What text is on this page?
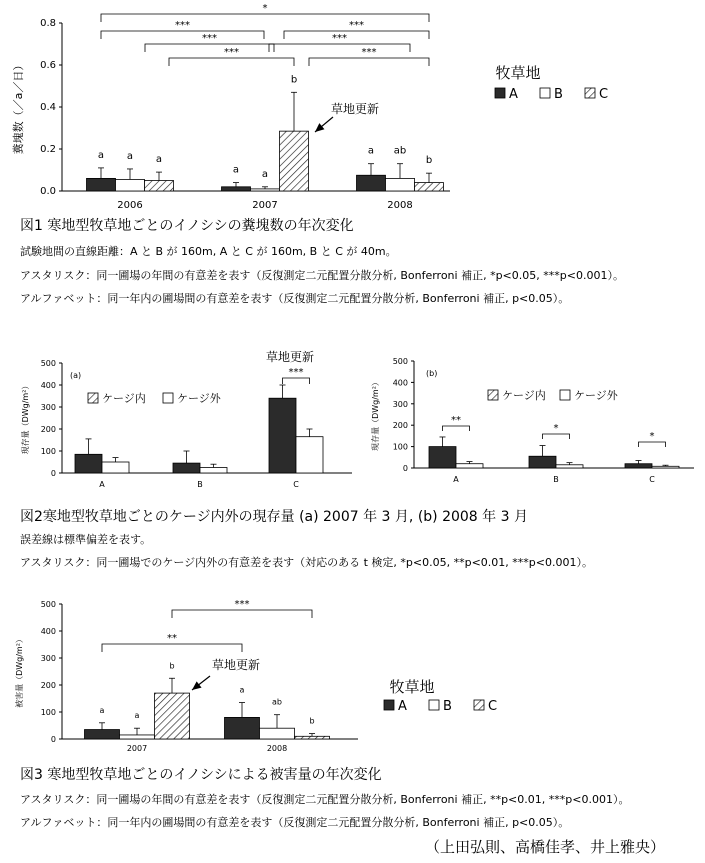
0.0
0.2
0.4
0.6
0.8
糞塊数（／a／日）
a a a
2006
a a
b
2007
a ab
b
2008
*
***	***
***	***
***	***
草地更新
牧草地
A	B	C
0
100
200
300
400
500
現存量（DWg/m²）
A	B	C
(a)	***
草地更新
ケージ内	ケージ外
0
100
200
300
400
500
現存量（DWg/m²）
A	B	C
(b)
**
*
*
ケージ内	ケージ外
0
100
200
300
400
500
被害量（DWg/m²）
a
a
b
2007
a
ab
b
2008
***
**
草地更新
牧草地
A	B	C
図1 寒地型牧草地ごとのイノシシの糞塊数の年次変化
試験地間の直線距離：A と B が 160m, A と C が 160m, B と C が 40m。
アスタリスク：同一圃場の年間の有意差を表す（反復測定二元配置分散分析, Bonferroni 補正, *p<0.05, ***p<0.001）。
アルファベット：同一年内の圃場間の有意差を表す（反復測定二元配置分散分析, Bonferroni 補正, p<0.05）。
図2寒地型牧草地ごとのケージ内外の現存量 (a) 2007 年 3 月, (b) 2008 年 3 月
誤差線は標準偏差を表す。
アスタリスク：同一圃場でのケージ内外の有意差を表す（対応のある t 検定, *p<0.05, **p<0.01, ***p<0.001）。
図3 寒地型牧草地ごとのイノシシによる被害量の年次変化
アスタリスク：同一圃場の年間の有意差を表す（反復測定二元配置分散分析, Bonferroni 補正, **p<0.01, ***p<0.001）。
アルファベット：同一年内の圃場間の有意差を表す（反復測定二元配置分散分析, Bonferroni 補正, p<0.05）。
（上田弘則、高橋佳孝、井上雅央）
